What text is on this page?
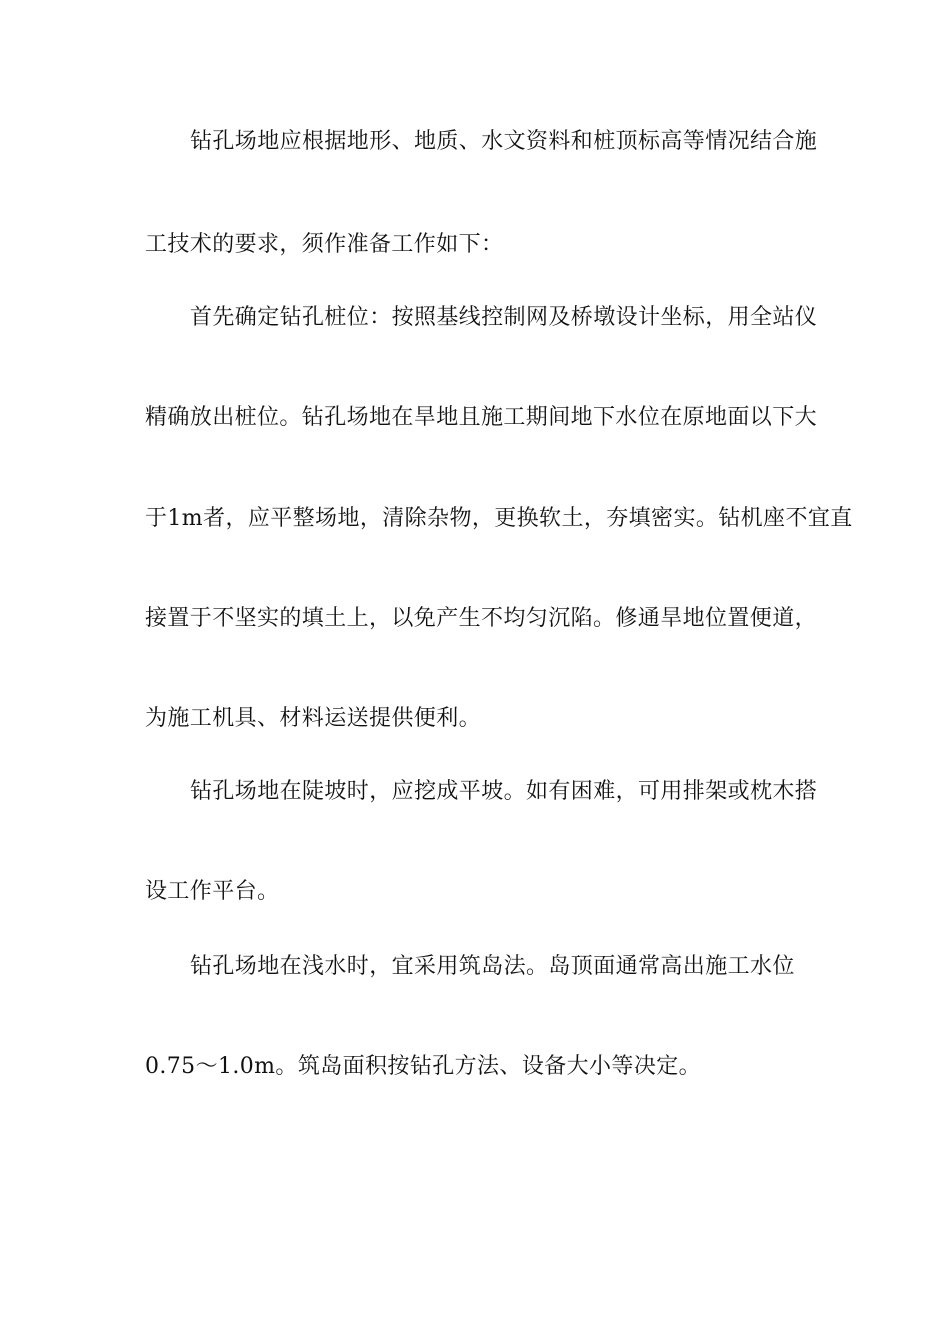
钻孔场地应根据地形、地质、水文资料和桩顶标高等情况结合施
工技术的要求，须作准备工作如下：
首先确定钻孔桩位：按照基线控制网及桥墩设计坐标，用全站仪
精确放出桩位。钻孔场地在旱地且施工期间地下水位在原地面以下大
于1m者，应平整场地，清除杂物，更换软土，夯填密实。钻机座不宜直
接置于不坚实的填土上，以免产生不均匀沉陷。修通旱地位置便道，
为施工机具、材料运送提供便利。
钻孔场地在陡坡时，应挖成平坡。如有困难，可用排架或枕木搭
设工作平台。
钻孔场地在浅水时，宜采用筑岛法。岛顶面通常高出施工水位
0.75～1.0m。筑岛面积按钻孔方法、设备大小等决定。
